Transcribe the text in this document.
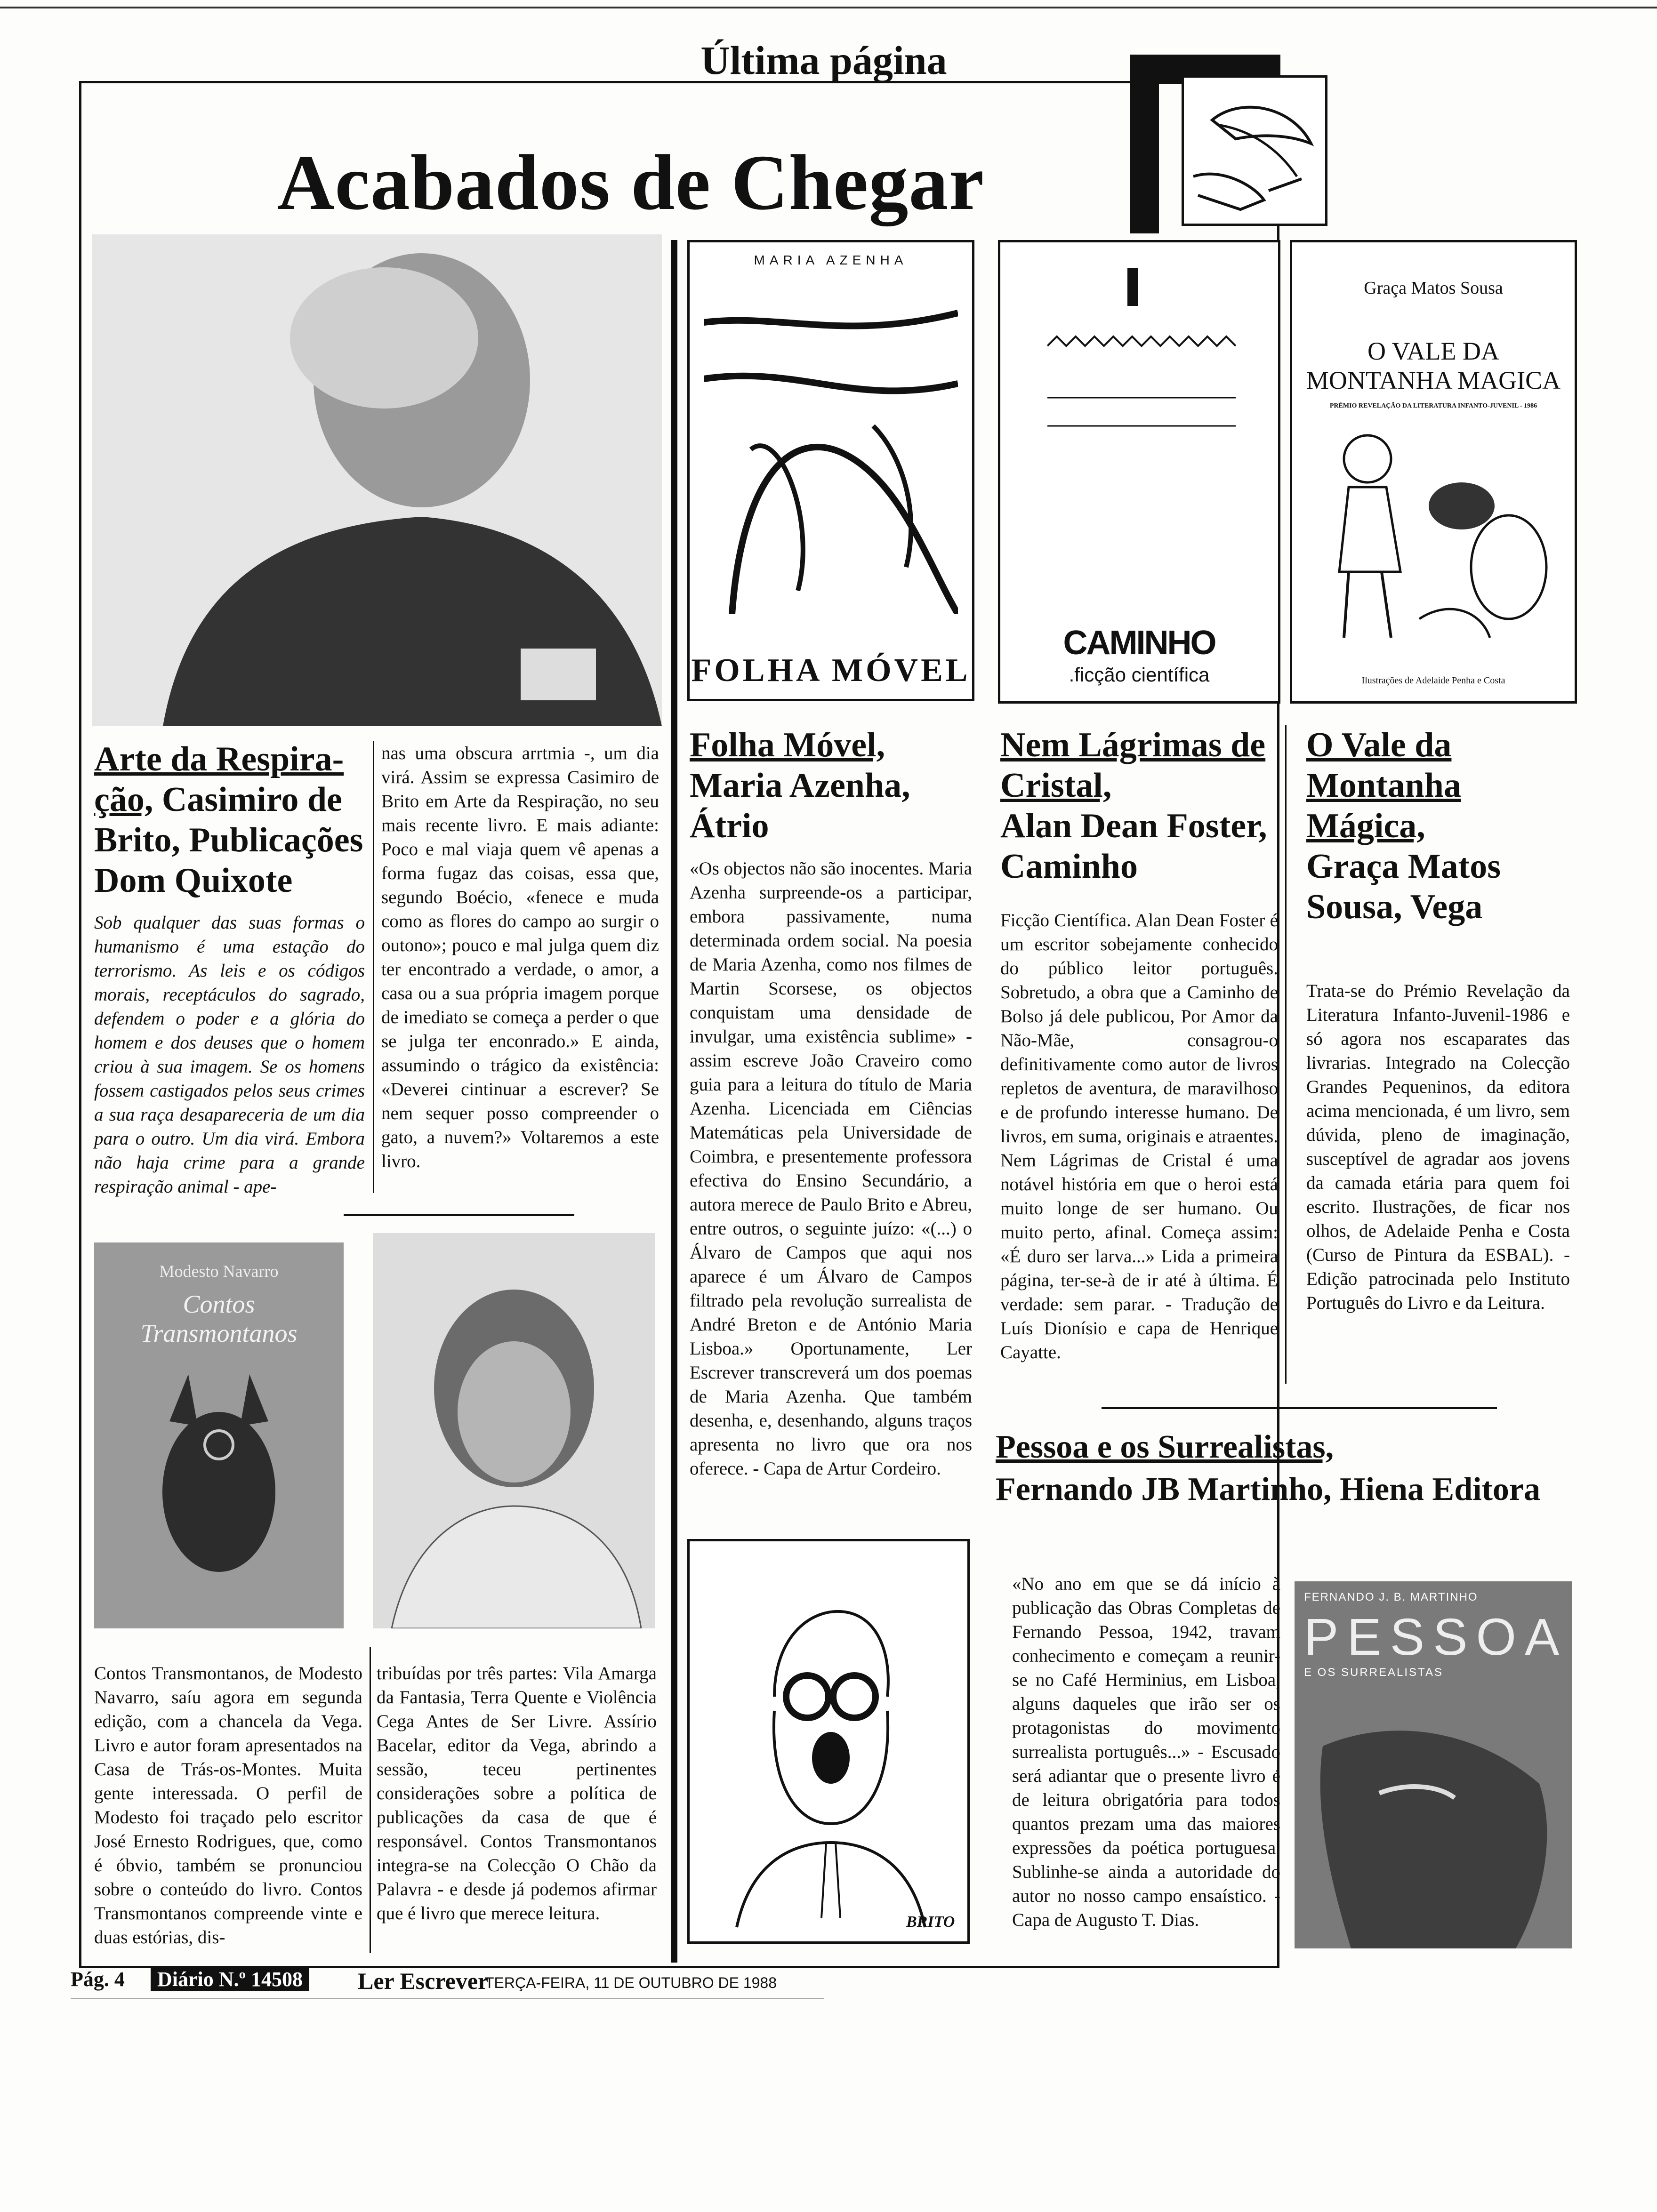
Última página
Acabados de Chegar
Arte da Respira-ção, Casimiro de Brito, Publicações Dom Quixote
Sob qualquer das suas formas o humanismo é uma estação do terrorismo. As leis e os códigos morais, receptáculos do sagrado, defendem o poder e a glória do homem e dos deuses que o homem criou à sua imagem. Se os homens fossem castigados pelos seus crimes a sua raça desapareceria de um dia para o outro. Um dia virá. Embora não haja crime para a grande respiração animal - ape-
nas uma obscura arrtmia -, um dia virá. Assim se expressa Casimiro de Brito em Arte da Respiração, no seu mais recente livro. E mais adiante: Poco e mal viaja quem vê apenas a forma fugaz das coisas, essa que, segundo Boécio, «fenece e muda como as flores do campo ao surgir o outono»; pouco e mal julga quem diz ter encontrado a verdade, o amor, a casa ou a sua própria imagem porque de imediato se começa a perder o que se julga ter enconrado.» E ainda, assumindo o trágico da existência: «Deverei cintinuar a escrever? Se nem sequer posso compreender o gato, a nuvem?» Voltaremos a este livro.
Modesto Navarro
Contos Transmontanos
Contos Transmontanos, de Modesto Navarro, saíu agora em segunda edição, com a chancela da Vega. Livro e autor foram apresentados na Casa de Trás-os-Montes. Muita gente interessada. O perfil de Modesto foi traçado pelo escritor José Ernesto Rodrigues, que, como é óbvio, também se pronunciou sobre o conteúdo do livro. Contos Transmontanos compreende vinte e duas estórias, dis-
tribuídas por três partes: Vila Amarga da Fantasia, Terra Quente e Violência Cega Antes de Ser Livre. Assírio Bacelar, editor da Vega, abrindo a sessão, teceu pertinentes considerações sobre a política de publicações da casa de que é responsável. Contos Transmontanos integra-se na Colecção O Chão da Palavra - e desde já podemos afirmar que é livro que merece leitura.
MARIA AZENHA
FOLHA MÓVEL
CAMINHO
.ficção científica
Graça Matos Sousa
O VALE DA
MONTANHA MAGICA
PRÉMIO REVELAÇÃO DA LITERATURA INFANTO-JUVENIL - 1986
Ilustrações de Adelaide Penha e Costa
Folha Móvel,
Maria Azenha, Átrio
«Os objectos não são inocentes. Maria Azenha surpreende-os a participar, embora passivamente, numa determinada ordem social. Na poesia de Maria Azenha, como nos filmes de Martin Scorsese, os objectos conquistam uma densidade de invulgar, uma existência sublime» - assim escreve João Craveiro como guia para a leitura do título de Maria Azenha. Licenciada em Ciências Matemáticas pela Universidade de Coimbra, e presentemente professora efectiva do Ensino Secundário, a autora merece de Paulo Brito e Abreu, entre outros, o seguinte juízo: «(...) o Álvaro de Campos que aqui nos aparece é um Álvaro de Campos filtrado pela revolução surrealista de André Breton e de António Maria Lisboa.» Oportunamente, Ler Escrever transcreverá um dos poemas de Maria Azenha. Que também desenha, e, desenhando, alguns traços apresenta no livro que ora nos oferece. - Capa de Artur Cordeiro.
BRITO
Nem Lágrimas de Cristal,
Alan Dean Foster, Caminho
Ficção Científica. Alan Dean Foster é um escritor sobejamente conhecido do público leitor português. Sobretudo, a obra que a Caminho de Bolso já dele publicou, Por Amor da Não-Mãe, consagrou-o definitivamente como autor de livros repletos de aventura, de maravilhoso e de profundo interesse humano. De livros, em suma, originais e atraentes. Nem Lágrimas de Cristal é uma notável história em que o heroi está muito longe de ser humano. Ou muito perto, afinal. Começa assim: «É duro ser larva...» Lida a primeira página, ter-se-à de ir até à última. É verdade: sem parar. - Tradução de Luís Dionísio e capa de Henrique Cayatte.
O Vale da Montanha Mágica,
Graça Matos Sousa, Vega
Trata-se do Prémio Revelação da Literatura Infanto-Juvenil-1986 e só agora nos escaparates das livrarias. Integrado na Colecção Grandes Pequeninos, da editora acima mencionada, é um livro, sem dúvida, pleno de imaginação, susceptível de agradar aos jovens da camada etária para quem foi escrito. Ilustrações, de ficar nos olhos, de Adelaide Penha e Costa (Curso de Pintura da ESBAL). - Edição patrocinada pelo Instituto Português do Livro e da Leitura.
Pessoa e os Surrealistas,
Fernando JB Martinho, Hiena Editora
«No ano em que se dá início à publicação das Obras Completas de Fernando Pessoa, 1942, travam conhecimento e começam a reunir-se no Café Herminius, em Lisboa, alguns daqueles que irão ser os protagonistas do movimento surrealista português...» - Escusado será adiantar que o presente livro é de leitura obrigatória para todos quantos prezam uma das maiores expressões da poética portuguesa. Sublinhe-se ainda a autoridade do autor no nosso campo ensaístico. - Capa de Augusto T. Dias.
FERNANDO J. B. MARTINHO
PESSOA
E OS SURREALISTAS
Pág. 4	Diário N.º 14508 Ler Escrever
TERÇA-FEIRA, 11 DE OUTUBRO DE 1988
